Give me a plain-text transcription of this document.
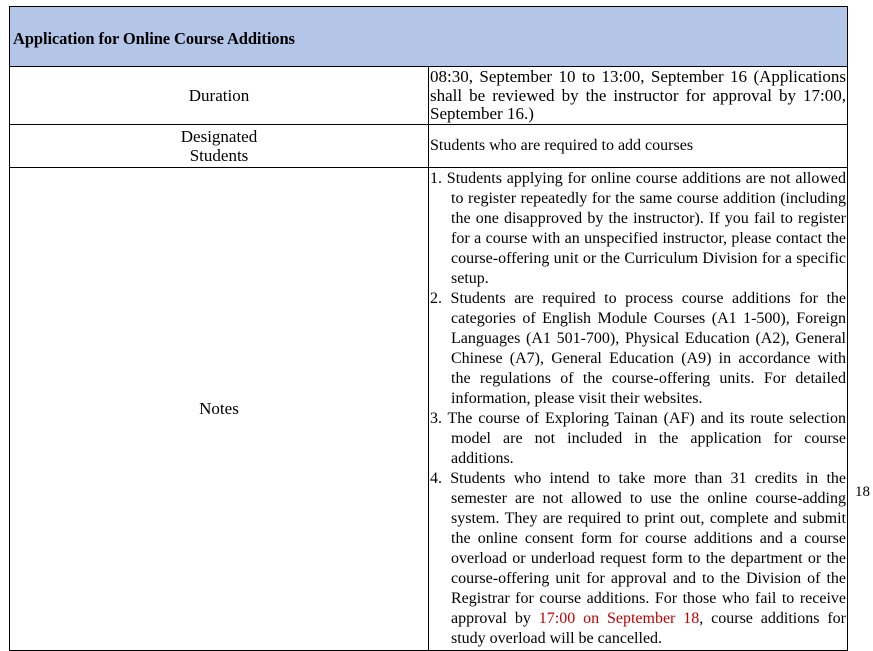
Application for Online Course Additions	
Duration	08:30, September 10 to 13:00, September 16 (Applications shall be reviewed by the instructor for approval by 17:00, September 16.)
Designated
Students	Students who are required to add courses
Notes	1. Students applying for online course additions are not allowed to register repeatedly for the same course addition (including the one disapproved by the instructor). If you fail to register for a course with an unspecified instructor, please contact the course-offering unit or the Curriculum Division for a specific setup.
2. Students are required to process course additions for the categories of English Module Courses (A1 1-500), Foreign Languages (A1 501-700), Physical Education (A2), General Chinese (A7), General Education (A9) in accordance with the regulations of the course-offering units. For detailed information, please visit their websites.
3. The course of Exploring Tainan (AF) and its route selection model are not included in the application for course additions.
4. Students who intend to take more than 31 credits in the semester are not allowed to use the online course-adding system. They are required to print out, complete and submit the online consent form for course additions and a course overload or underload request form to the department or the course-offering unit for approval and to the Division of the Registrar for course additions. For those who fail to receive approval by 17:00 on September 18, course additions for study overload will be cancelled.
18
